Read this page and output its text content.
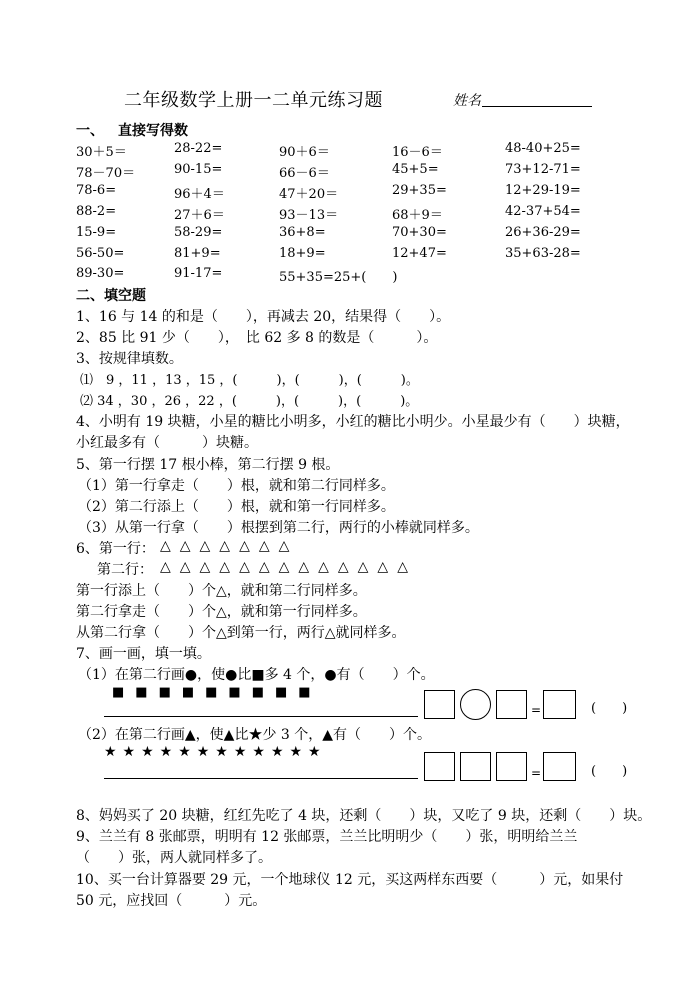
二年级数学上册一二单元练习题	姓名
一、 直接写得数
30＋5＝	28-22=	90＋6＝	16－6＝	48-40+25=
78－70＝	90-15=	66－6＝	45+5=	73+12-71=
78-6=	96＋4＝	47＋20＝	29+35=	12+29-19=
88-2=	27＋6＝	93－13＝	68＋9＝	42-37+54=
15-9=	58-29=	36+8=	70+30=	26+36-29=
56-50=	81+9=	18+9=	12+47=	35+63-28=
89-30=	91-17=	55+35=25+(　　)
二、填空题
1、16 与 14 的和是（　　），再减去 20，结果得（　　）。
2、85 比 91 少（　　），　比 62 多 8 的数是（　　　）。
3、按规律填数。
⑴　9 ，11 ，13 ，15 ，(　　　)，(　　　)，(　　　)。
⑵ 34 ，30 ，26 ，22 ，(　　　)，(　　　)，(　　　)。
4、小明有 19 块糖，小星的糖比小明多，小红的糖比小明少。小星最少有（　　）块糖，
小红最多有（　　　）块糖。
5、第一行摆 17 根小棒，第二行摆 9 根。
（1）第一行拿走（　　）根，就和第二行同样多。
（2）第二行添上（　　）根，就和第一行同样多。
（3）从第一行拿（　　）根摆到第二行，两行的小棒就同样多。
6、第一行： △△△△△△△
第二行： △△△△△△△△△△△△△
第一行添上（　　）个△，就和第二行同样多。
第二行拿走（　　）个△，就和第一行同样多。
从第二行拿（　　）个△到第一行，两行△就同样多。
7、画一画，填一填。
（1）在第二行画●，使●比■多 4 个，●有（　　）个。
■■■■■■■■■
=	(　　)
（2）在第二行画▲，使▲比★少 3 个，▲有（　　）个。
★★★★★★★★★★★★
=	(　　)
8、妈妈买了 20 块糖，红红先吃了 4 块，还剩（　　）块，又吃了 9 块，还剩（　　）块。
9、兰兰有 8 张邮票，明明有 12 张邮票，兰兰比明明少（　　）张，明明给兰兰
（　　）张，两人就同样多了。
10、买一台计算器要 29 元，一个地球仪 12 元，买这两样东西要（　　　）元，如果付
50 元，应找回（　　　）元。
